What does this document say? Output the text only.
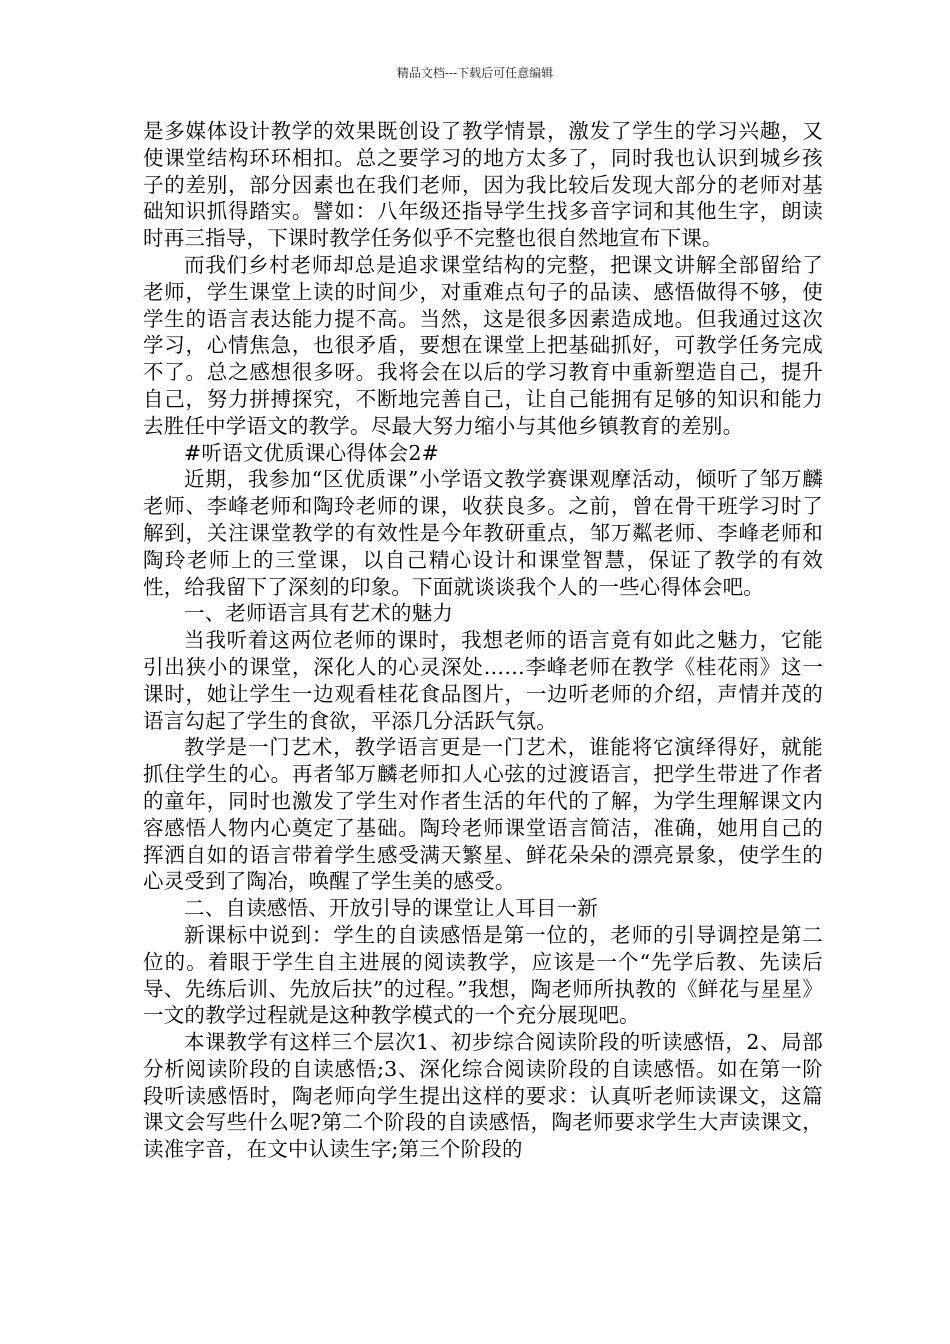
精品文档---下载后可任意编辑

是多媒体设计教学的效果既创设了教学情景，激发了学生的学习兴趣，又使课堂结构环环相扣。总之要学习的地方太多了，同时我也认识到城乡孩子的差别，部分因素也在我们老师，因为我比较后发现大部分的老师对基础知识抓得踏实。譬如：八年级还指导学生找多音字词和其他生字，朗读时再三指导，下课时教学任务似乎不完整也很自然地宣布下课。

而我们乡村老师却总是追求课堂结构的完整，把课文讲解全部留给了老师，学生课堂上读的时间少，对重难点句子的品读、感悟做得不够，使学生的语言表达能力提不高。当然，这是很多因素造成地。但我通过这次学习，心情焦急，也很矛盾，要想在课堂上把基础抓好，可教学任务完成不了。总之感想很多呀。我将会在以后的学习教育中重新塑造自己，提升自己，努力拼搏探究，不断地完善自己，让自己能拥有足够的知识和能力去胜任中学语文的教学。尽最大努力缩小与其他乡镇教育的差别。

#听语文优质课心得体会2#

近期，我参加“区优质课”小学语文教学赛课观摩活动，倾听了邹万麟老师、李峰老师和陶玲老师的课，收获良多。之前，曾在骨干班学习时了解到，关注课堂教学的有效性是今年教研重点，邹万粼老师、李峰老师和陶玲老师上的三堂课，以自己精心设计和课堂智慧，保证了教学的有效性，给我留下了深刻的印象。下面就谈谈我个人的一些心得体会吧。

一、老师语言具有艺术的魅力

当我听着这两位老师的课时，我想老师的语言竟有如此之魅力，它能引出狭小的课堂，深化人的心灵深处……李峰老师在教学《桂花雨》这一课时，她让学生一边观看桂花食品图片，一边听老师的介绍，声情并茂的语言勾起了学生的食欲，平添几分活跃气氛。

教学是一门艺术，教学语言更是一门艺术，谁能将它演绎得好，就能抓住学生的心。再者邹万麟老师扣人心弦的过渡语言，把学生带进了作者的童年，同时也激发了学生对作者生活的年代的了解，为学生理解课文内容感悟人物内心奠定了基础。陶玲老师课堂语言简洁，准确，她用自己的挥洒自如的语言带着学生感受满天繁星、鲜花朵朵的漂亮景象，使学生的心灵受到了陶冶，唤醒了学生美的感受。

二、自读感悟、开放引导的课堂让人耳目一新

新课标中说到：学生的自读感悟是第一位的，老师的引导调控是第二位的。着眼于学生自主进展的阅读教学，应该是一个“先学后教、先读后导、先练后训、先放后扶”的过程。”我想，陶老师所执教的《鲜花与星星》一文的教学过程就是这种教学模式的一个充分展现吧。

本课教学有这样三个层次1、初步综合阅读阶段的听读感悟，2、局部分析阅读阶段的自读感悟;3、深化综合阅读阶段的自读感悟。如在第一阶段听读感悟时，陶老师向学生提出这样的要求：认真听老师读课文，这篇课文会写些什么呢?第二个阶段的自读感悟，陶老师要求学生大声读课文，读准字音，在文中认读生字;第三个阶段的
